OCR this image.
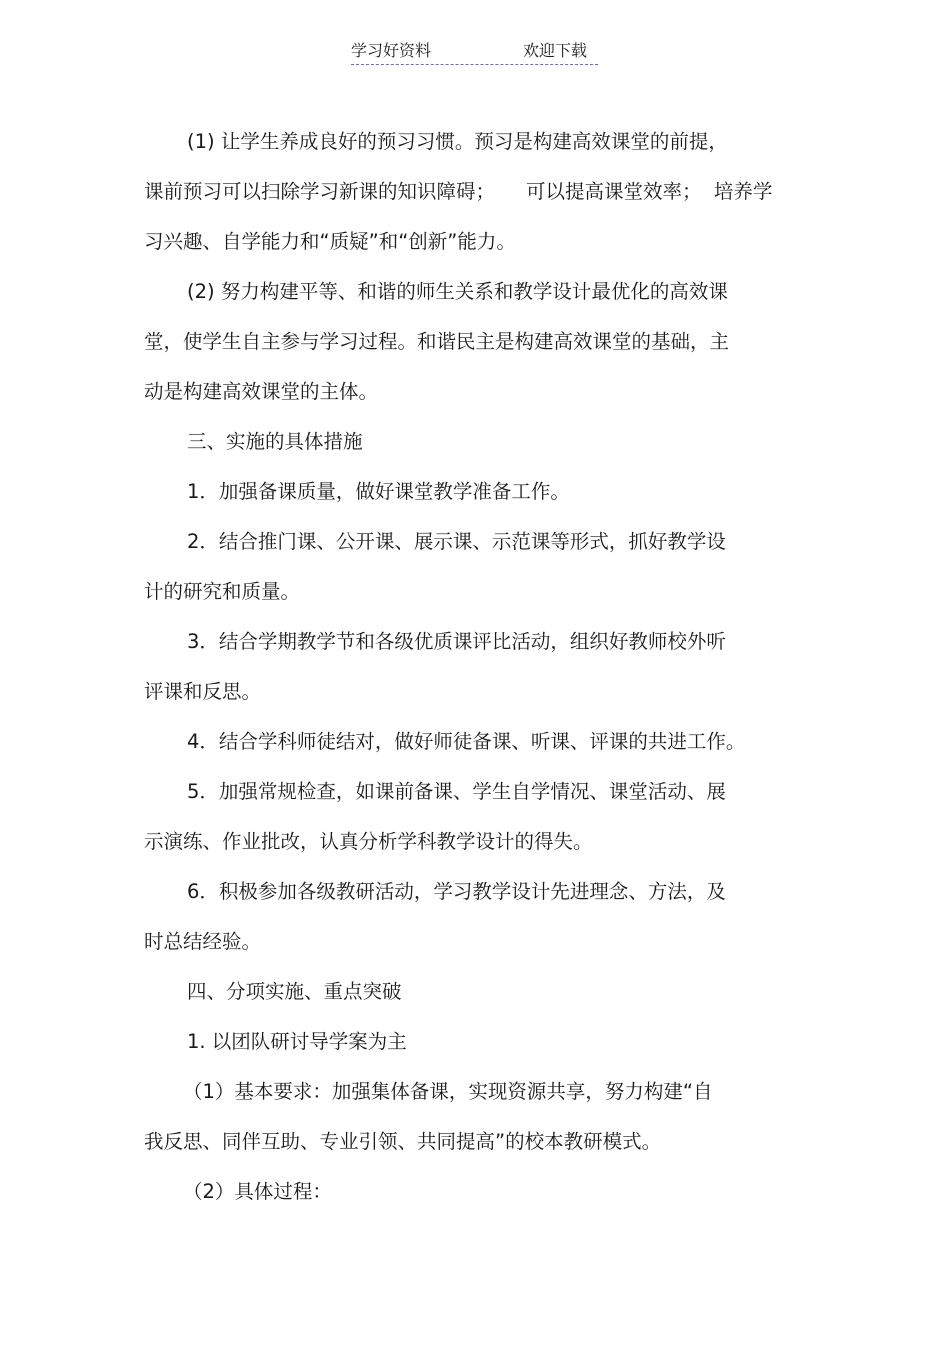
学习好资料	欢迎下载
(1) 让学生养成良好的预习习惯。预习是构建高效课堂的前提，
课前预习可以扫除学习新课的知识障碍；     可以提高课堂效率；  培养学
习兴趣、自学能力和“质疑”和“创新”能力。
(2) 努力构建平等、和谐的师生关系和教学设计最优化的高效课
堂，使学生自主参与学习过程。和谐民主是构建高效课堂的基础，主
动是构建高效课堂的主体。
三、实施的具体措施
1．加强备课质量，做好课堂教学准备工作。
2．结合推门课、公开课、展示课、示范课等形式，抓好教学设
计的研究和质量。
3．结合学期教学节和各级优质课评比活动，组织好教师校外听
评课和反思。
4．结合学科师徒结对，做好师徒备课、听课、评课的共进工作。
5．加强常规检查，如课前备课、学生自学情况、课堂活动、展
示演练、作业批改，认真分析学科教学设计的得失。
6．积极参加各级教研活动，学习教学设计先进理念、方法，及
时总结经验。
四、分项实施、重点突破
1. 以团队研讨导学案为主
（1）基本要求：加强集体备课，实现资源共享，努力构建“自
我反思、同伴互助、专业引领、共同提高”的校本教研模式。
（2）具体过程：
